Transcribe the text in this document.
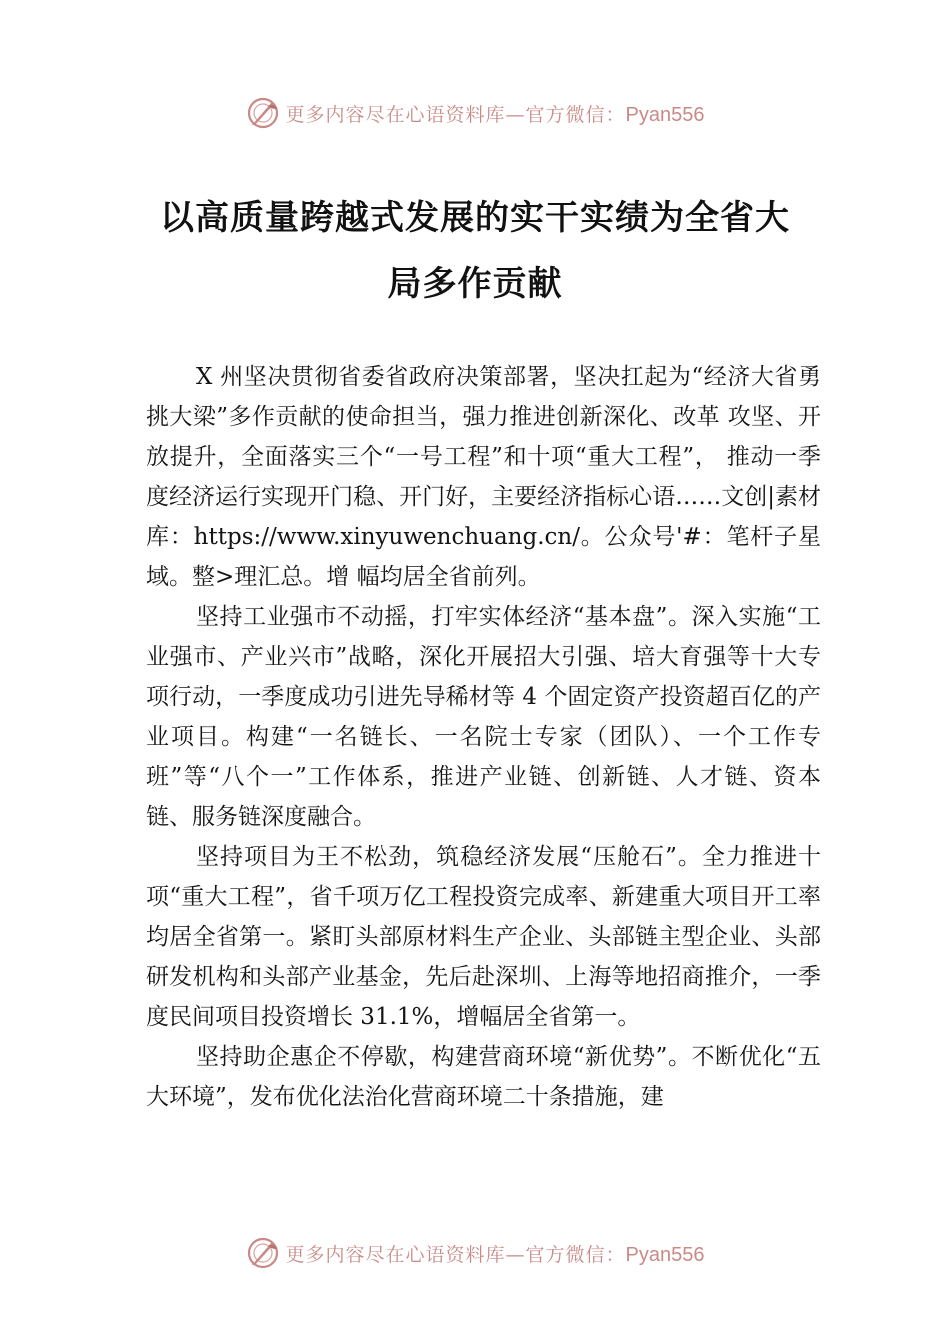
更多内容尽在心语资料库—官方微信：Pyan556
以高质量跨越式发展的实干实绩为全省大
局多作贡献

X 州坚决贯彻省委省政府决策部署，坚决扛起为“经济大省勇挑大梁”多作贡献的使命担当，强力推进创新深化、改革 攻坚、开放提升，全面落实三个“一号工程”和十项“重大工程”， 推动一季度经济运行实现开门稳、开门好，主要经济指标心语……文创|素材库：https://www.xinyuwenchuang.cn/。公众号'#：笔杆子星域。整>理汇总。增 幅均居全省前列。

坚持工业强市不动摇，打牢实体经济“基本盘”。深入实施“工业强市、产业兴市”战略，深化开展招大引强、培大育强等十大专项行动，一季度成功引进先导稀材等 4 个固定资产投资超百亿的产业项目。构建“一名链长、一名院士专家（团队）、一个工作专班”等“八个一”工作体系，推进产业链、创新链、人才链、资本链、服务链深度融合。

坚持项目为王不松劲，筑稳经济发展“压舱石”。全力推进十项“重大工程”，省千项万亿工程投资完成率、新建重大项目开工率均居全省第一。紧盯头部原材料生产企业、头部链主型企业、头部研发机构和头部产业基金，先后赴深圳、上海等地招商推介，一季度民间项目投资增长 31.1%，增幅居全省第一。

坚持助企惠企不停歇，构建营商环境“新优势”。不断优化“五大环境”，发布优化法治化营商环境二十条措施，建

更多内容尽在心语资料库—官方微信：Pyan556
